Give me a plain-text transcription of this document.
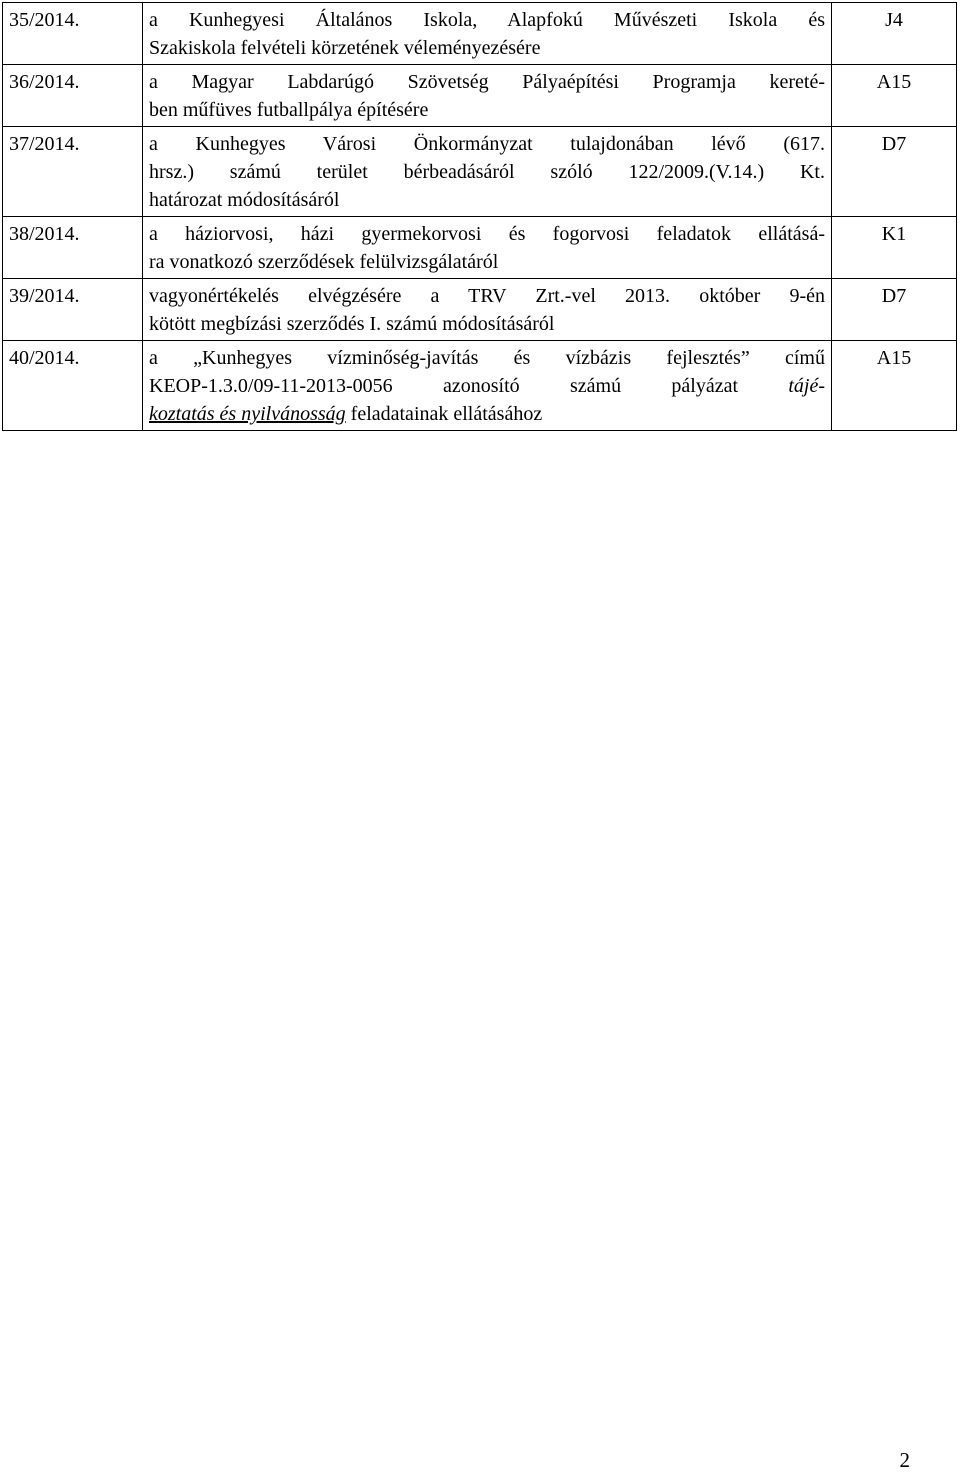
35/2014.	a Kunhegyesi Általános Iskola, Alapfokú Művészeti Iskola és
Szakiskola felvételi körzetének véleményezésére	J4
36/2014.	a Magyar Labdarúgó Szövetség Pályaépítési Programja kereté-
ben műfüves futballpálya építésére	A15
37/2014.	a Kunhegyes Városi Önkormányzat tulajdonában lévő (617.
hrsz.) számú terület bérbeadásáról szóló 122/2009.(V.14.) Kt.
határozat módosításáról	D7
38/2014.	a háziorvosi, házi gyermekorvosi és fogorvosi feladatok ellátásá-
ra vonatkozó szerződések felülvizsgálatáról	K1
39/2014.	vagyonértékelés elvégzésére a TRV Zrt.-vel 2013. október 9-én
kötött megbízási szerződés I. számú módosításáról	D7
40/2014.	a „Kunhegyes vízminőség-javítás és vízbázis fejlesztés” című
KEOP-1.3.0/09-11-2013-0056 azonosító számú pályázat tájé-
koztatás és nyilvánosság feladatainak ellátásához	A15
2
